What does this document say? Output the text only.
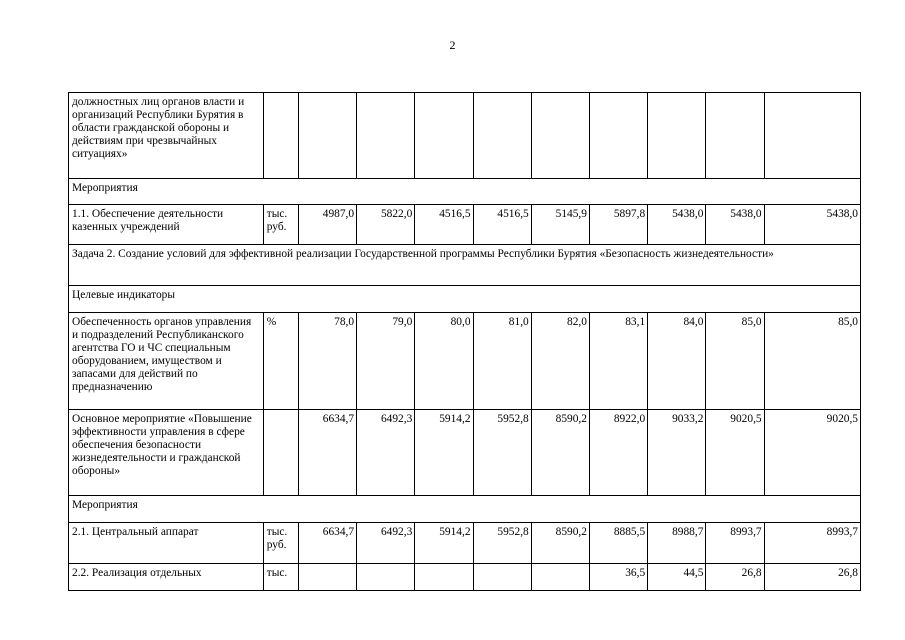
2
должностных лиц органов власти и организаций Республики Бурятия в области гражданской обороны и действиям при чрезвычайных ситуациях»										
Мероприятия										
1.1. Обеспечение деятельности казенных учреждений	тыс. руб.	4987,0	5822,0	4516,5	4516,5	5145,9	5897,8	5438,0	5438,0	5438,0
Задача 2. Создание условий для эффективной реализации Государственной программы Республики Бурятия «Безопасность жизнедеятельности»										
Целевые индикаторы										
Обеспеченность органов управления и подразделений Республиканского агентства ГО и ЧС специальным оборудованием, имуществом и запасами для действий по предназначению	%	78,0	79,0	80,0	81,0	82,0	83,1	84,0	85,0	85,0
Основное мероприятие «Повышение эффективности управления в сфере обеспечения безопасности жизнедеятельности и гражданской обороны»		6634,7	6492,3	5914,2	5952,8	8590,2	8922,0	9033,2	9020,5	9020,5
Мероприятия										
2.1. Центральный аппарат	тыс. руб.	6634,7	6492,3	5914,2	5952,8	8590,2	8885,5	8988,7	8993,7	8993,7
2.2. Реализация отдельных	тыс.						36,5	44,5	26,8	26,8
